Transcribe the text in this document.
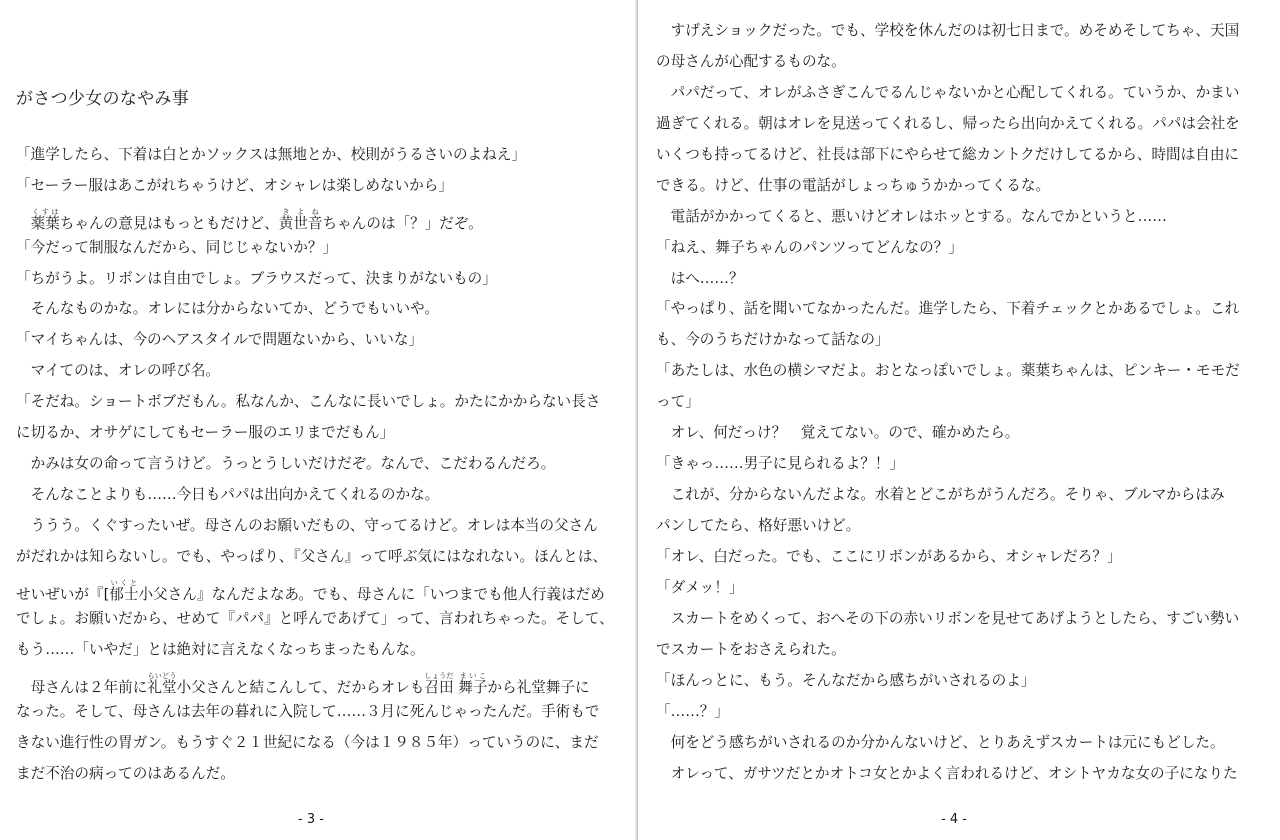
がさつ少女のなやみ事
「進学したら、下着は白とかソックスは無地とか、校則がうるさいのよねえ」
「セーラー服はあこがれちゃうけど、オシャレは楽しめないから」
　薬葉くすはちゃんの意見はもっともだけど、黄世音きよねちゃんのは「？」だぞ。
「今だって制服なんだから、同じじゃないか？」
「ちがうよ。リボンは自由でしょ。ブラウスだって、決まりがないもの」
　そんなものかな。オレには分からないてか、どうでもいいや。
「マイちゃんは、今のヘアスタイルで問題ないから、いいな」
　マイてのは、オレの呼び名。
「そだね。ショートボブだもん。私なんか、こんなに長いでしょ。かたにかからない長さ
に切るか、オサゲにしてもセーラー服のエリまでだもん」
　かみは女の命って言うけど。うっとうしいだけだぞ。なんで、こだわるんだろ。
　そんなことよりも……今日もパパは出向かえてくれるのかな。
　ううう。くぐすったいぜ。母さんのお願いだもの、守ってるけど。オレは本当の父さん
がだれかは知らないし。でも、やっぱり、『父さん』って呼ぶ気にはなれない。ほんとは、
せいぜいが『[郁士いくと小父さん』なんだよなあ。でも、母さんに「いつまでも他人行義はだめ
でしょ。お願いだから、せめて『パパ』と呼んであげて」って、言われちゃった。そして、
もう……「いやだ」とは絶対に言えなくなっちまったもんな。
　母さんは２年前に礼堂らいどう小父さんと結こんして、だからオレも召田しょうだ 舞子まいこから礼堂舞子に
なった。そして、母さんは去年の暮れに入院して……３月に死んじゃったんだ。手術もで
きない進行性の胃ガン。もうすぐ２１世紀になる（今は１９８５年）っていうのに、まだ
まだ不治の病ってのはあるんだ。
- 3 -
　すげえショックだった。でも、学校を休んだのは初七日まで。めそめそしてちゃ、天国
の母さんが心配するものな。
　パパだって、オレがふさぎこんでるんじゃないかと心配してくれる。ていうか、かまい
過ぎてくれる。朝はオレを見送ってくれるし、帰ったら出向かえてくれる。パパは会社を
いくつも持ってるけど、社長は部下にやらせて総カントクだけしてるから、時間は自由に
できる。けど、仕事の電話がしょっちゅうかかってくるな。
　電話がかかってくると、悪いけどオレはホッとする。なんでかというと……
「ねえ、舞子ちゃんのパンツってどんなの？」
　はへ……？
「やっぱり、話を聞いてなかったんだ。進学したら、下着チェックとかあるでしょ。これ
も、今のうちだけかなって話なの」
「あたしは、水色の横シマだよ。おとなっぽいでしょ。薬葉ちゃんは、ピンキー・モモだ
って」
　オレ、何だっけ？　覚えてない。ので、確かめたら。
「きゃっ……男子に見られるよ？！」
　これが、分からないんだよな。水着とどこがちがうんだろ。そりゃ、ブルマからはみ
パンしてたら、格好悪いけど。
「オレ、白だった。でも、ここにリボンがあるから、オシャレだろ？」
「ダメッ！」
　スカートをめくって、おへその下の赤いリボンを見せてあげようとしたら、すごい勢い
でスカートをおさえられた。
「ほんっとに、もう。そんなだから感ちがいされるのよ」
「……？」
　何をどう感ちがいされるのか分かんないけど、とりあえずスカートは元にもどした。
　オレって、ガサツだとかオトコ女とかよく言われるけど、オシトヤカな女の子になりた
- 4 -
